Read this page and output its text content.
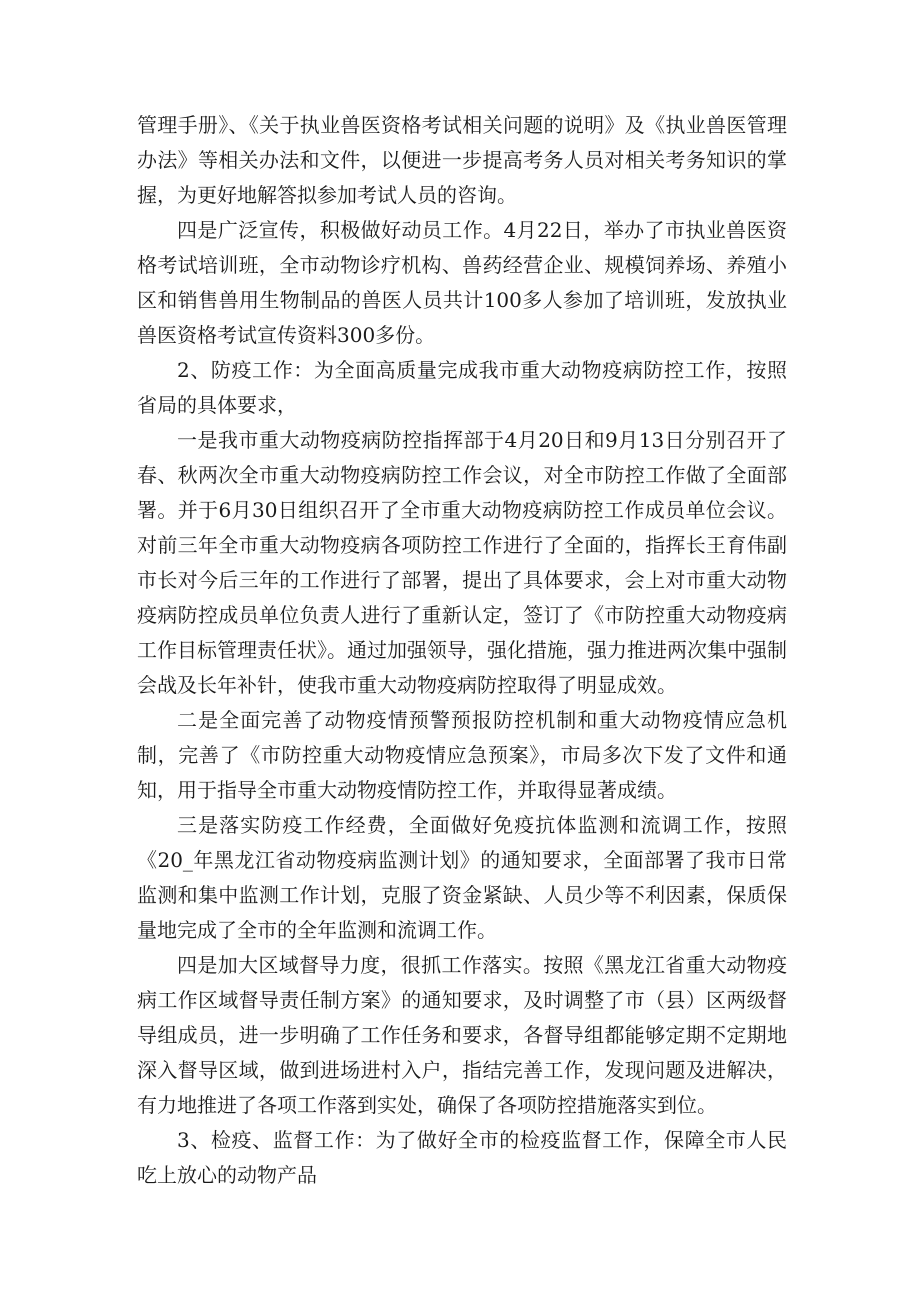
管理手册》、《关于执业兽医资格考试相关问题的说明》及《执业兽医管理办法》等相关办法和文件，以便进一步提高考务人员对相关考务知识的掌握，为更好地解答拟参加考试人员的咨询。

四是广泛宣传，积极做好动员工作。4月22日，举办了市执业兽医资格考试培训班，全市动物诊疗机构、兽药经营企业、规模饲养场、养殖小区和销售兽用生物制品的兽医人员共计100多人参加了培训班，发放执业兽医资格考试宣传资料300多份。

2、防疫工作：为全面高质量完成我市重大动物疫病防控工作，按照省局的具体要求，

一是我市重大动物疫病防控指挥部于4月20日和9月13日分别召开了春、秋两次全市重大动物疫病防控工作会议，对全市防控工作做了全面部署。并于6月30日组织召开了全市重大动物疫病防控工作成员单位会议。对前三年全市重大动物疫病各项防控工作进行了全面的，指挥长王育伟副市长对今后三年的工作进行了部署，提出了具体要求，会上对市重大动物疫病防控成员单位负责人进行了重新认定，签订了《市防控重大动物疫病工作目标管理责任状》。通过加强领导，强化措施，强力推进两次集中强制会战及长年补针，使我市重大动物疫病防控取得了明显成效。

二是全面完善了动物疫情预警预报防控机制和重大动物疫情应急机制，完善了《市防控重大动物疫情应急预案》，市局多次下发了文件和通知，用于指导全市重大动物疫情防控工作，并取得显著成绩。

三是落实防疫工作经费，全面做好免疫抗体监测和流调工作，按照《20_年黑龙江省动物疫病监测计划》的通知要求，全面部署了我市日常监测和集中监测工作计划，克服了资金紧缺、人员少等不利因素，保质保量地完成了全市的全年监测和流调工作。

四是加大区域督导力度，很抓工作落实。按照《黑龙江省重大动物疫病工作区域督导责任制方案》的通知要求，及时调整了市（县）区两级督导组成员，进一步明确了工作任务和要求，各督导组都能够定期不定期地深入督导区域，做到进场进村入户，指结完善工作，发现问题及进解决，有力地推进了各项工作落到实处，确保了各项防控措施落实到位。

3、检疫、监督工作：为了做好全市的检疫监督工作，保障全市人民吃上放心的动物产品
